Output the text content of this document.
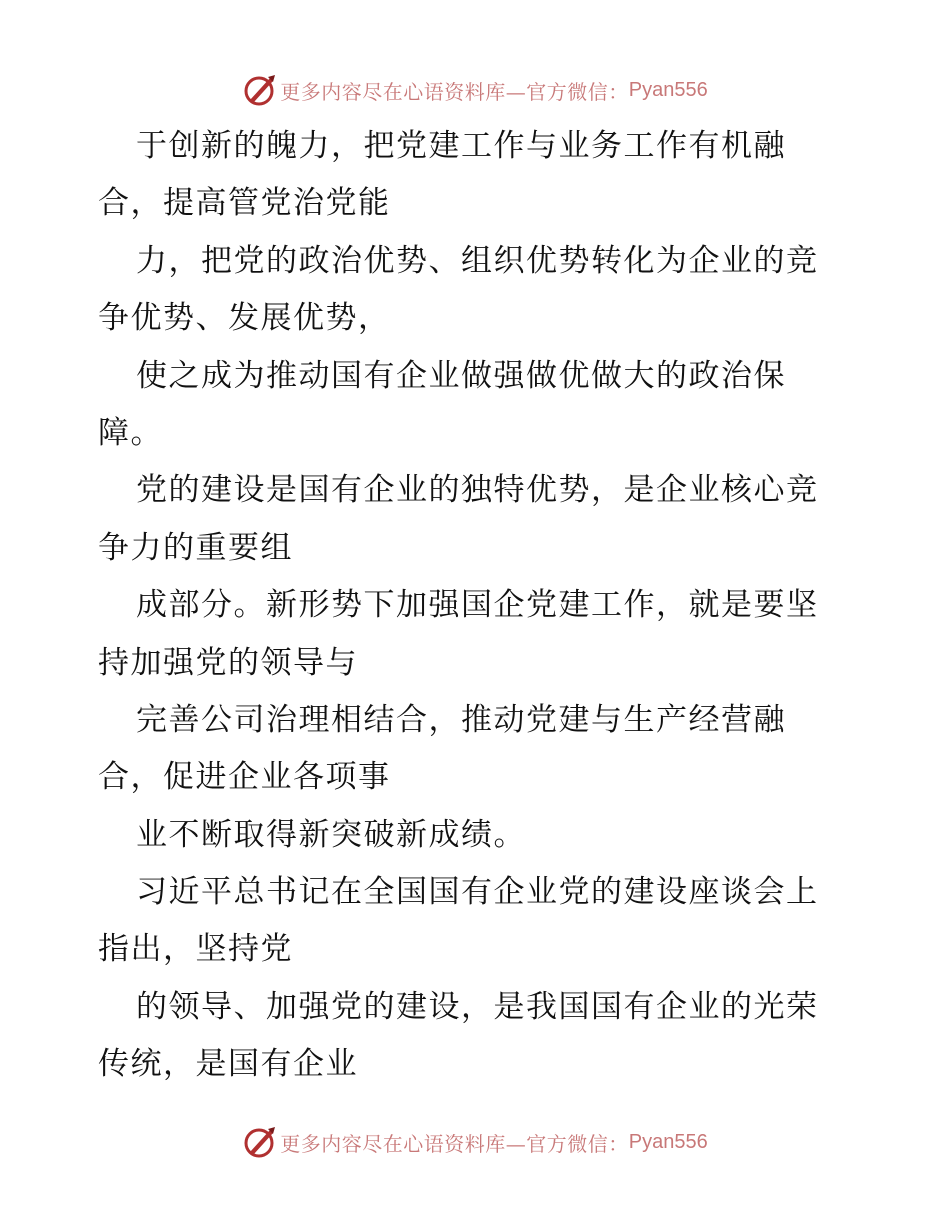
更多内容尽在心语资料库—官方微信： Pyan556
于创新的魄力，把党建工作与业务工作有机融
合，提高管党治党能
力，把党的政治优势、组织优势转化为企业的竞
争优势、发展优势，
使之成为推动国有企业做强做优做大的政治保
障。
党的建设是国有企业的独特优势，是企业核心竞
争力的重要组
成部分。新形势下加强国企党建工作，就是要坚
持加强党的领导与
完善公司治理相结合，推动党建与生产经营融
合，促进企业各项事
业不断取得新突破新成绩。
习近平总书记在全国国有企业党的建设座谈会上
指出，坚持党
的领导、加强党的建设，是我国国有企业的光荣
传统，是国有企业
更多内容尽在心语资料库—官方微信： Pyan556
